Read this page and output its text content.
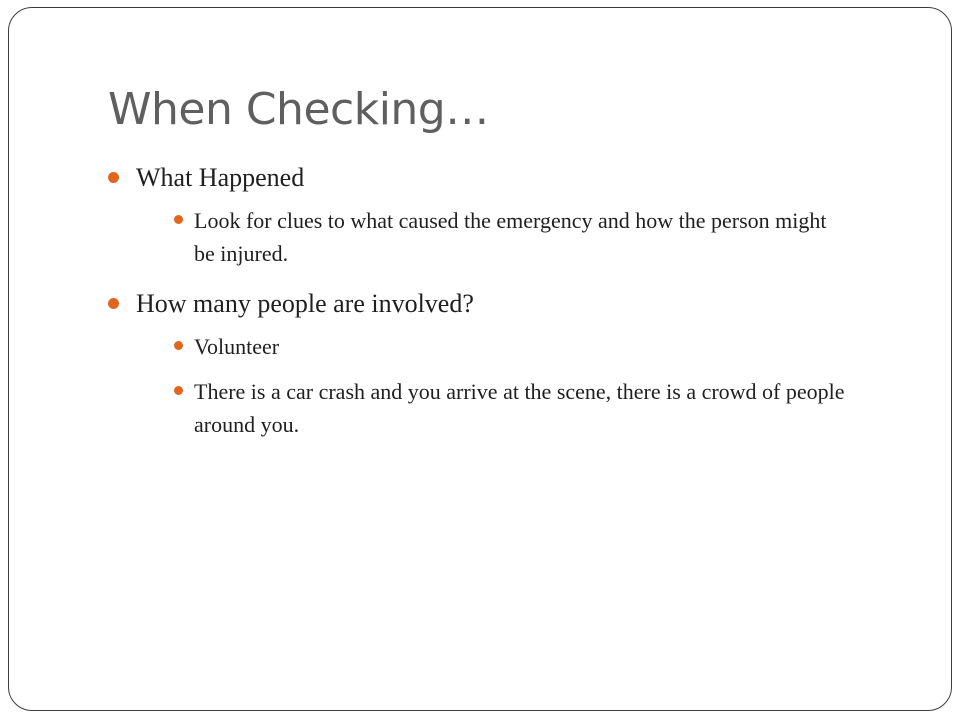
When Checking…
What Happened
Look for clues to what caused the emergency and how the person might be injured.
How many people are involved?
Volunteer
There is a car crash and you arrive at the scene, there is a crowd of people around you.
